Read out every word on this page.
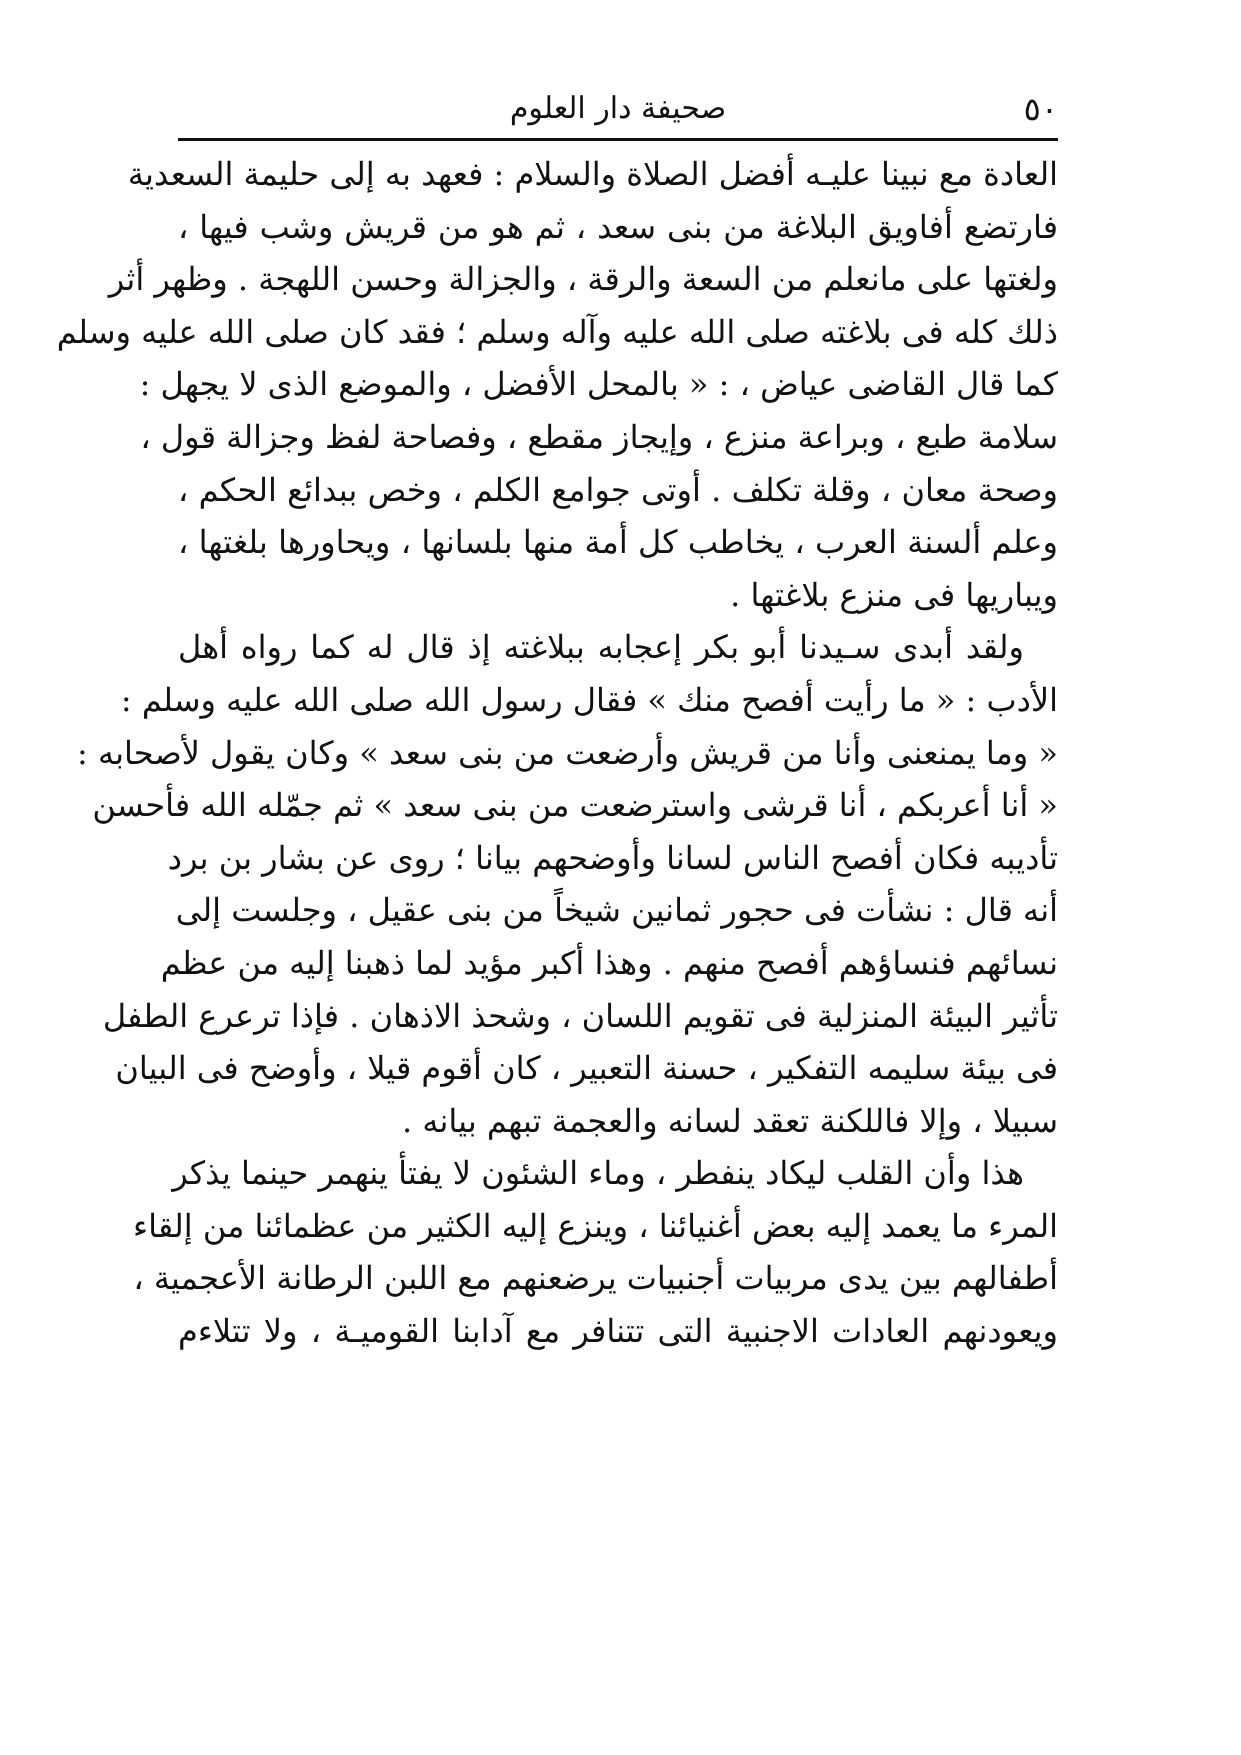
٥٠
صحيفة دار العلوم
العادة مع نبينا عليـه أفضل الصلاة والسلام : فعهد به إلى حليمة السعدية
فارتضع أفاويق البلاغة من بنى سعد ، ثم هو من قريش وشب فيها ،
ولغتها على مانعلم من السعة والرقة ، والجزالة وحسن اللهجة . وظهر أثر
ذلك كله فى بلاغته صلى الله عليه وآله وسلم ؛ فقد كان صلى الله عليه وسلم
كما قال القاضى عياض ، : « بالمحل الأفضل ، والموضع الذى لا يجهل :
سلامة طبع ، وبراعة منزع ، وإيجاز مقطع ، وفصاحة لفظ وجزالة قول ،
وصحة معان ، وقلة تكلف . أوتى جوامع الكلم ، وخص ببدائع الحكم ،
وعلم ألسنة العرب ، يخاطب كل أمة منها بلسانها ، ويحاورها بلغتها ،
ويباريها فى منزع بلاغتها .
ولقد أبدى سـيدنا أبو بكر إعجابه ببلاغته إذ قال له كما رواه أهل
الأدب : « ما رأيت أفصح منك » فقال رسول الله صلى الله عليه وسلم :
« وما يمنعنى وأنا من قريش وأرضعت من بنى سعد » وكان يقول لأصحابه :
« أنا أعربكم ، أنا قرشى واسترضعت من بنى سعد » ثم جمّله الله فأحسن
تأديبه فكان أفصح الناس لسانا وأوضحهم بيانا ؛ روى عن بشار بن برد
أنه قال : نشأت فى حجور ثمانين شيخاً من بنى عقيل ، وجلست إلى
نسائهم فنساؤهم أفصح منهم . وهذا أكبر مؤيد لما ذهبنا إليه من عظم
تأثير البيئة المنزلية فى تقويم اللسان ، وشحذ الاذهان . فإذا ترعرع الطفل
فى بيئة سليمه التفكير ، حسنة التعبير ، كان أقوم قيلا ، وأوضح فى البيان
سبيلا ، وإلا فاللكنة تعقد لسانه والعجمة تبهم بيانه .
هذا وأن القلب ليكاد ينفطر ، وماء الشئون لا يفتأ ينهمر حينما يذكر
المرء ما يعمد إليه بعض أغنيائنا ، وينزع إليه الكثير من عظمائنا من إلقاء
أطفالهم بين يدى مربيات أجنبيات يرضعنهم مع اللبن الرطانة الأعجمية ،
ويعودنهم العادات الاجنبية التى تتنافر مع آدابنا القوميـة ، ولا تتلاءم
